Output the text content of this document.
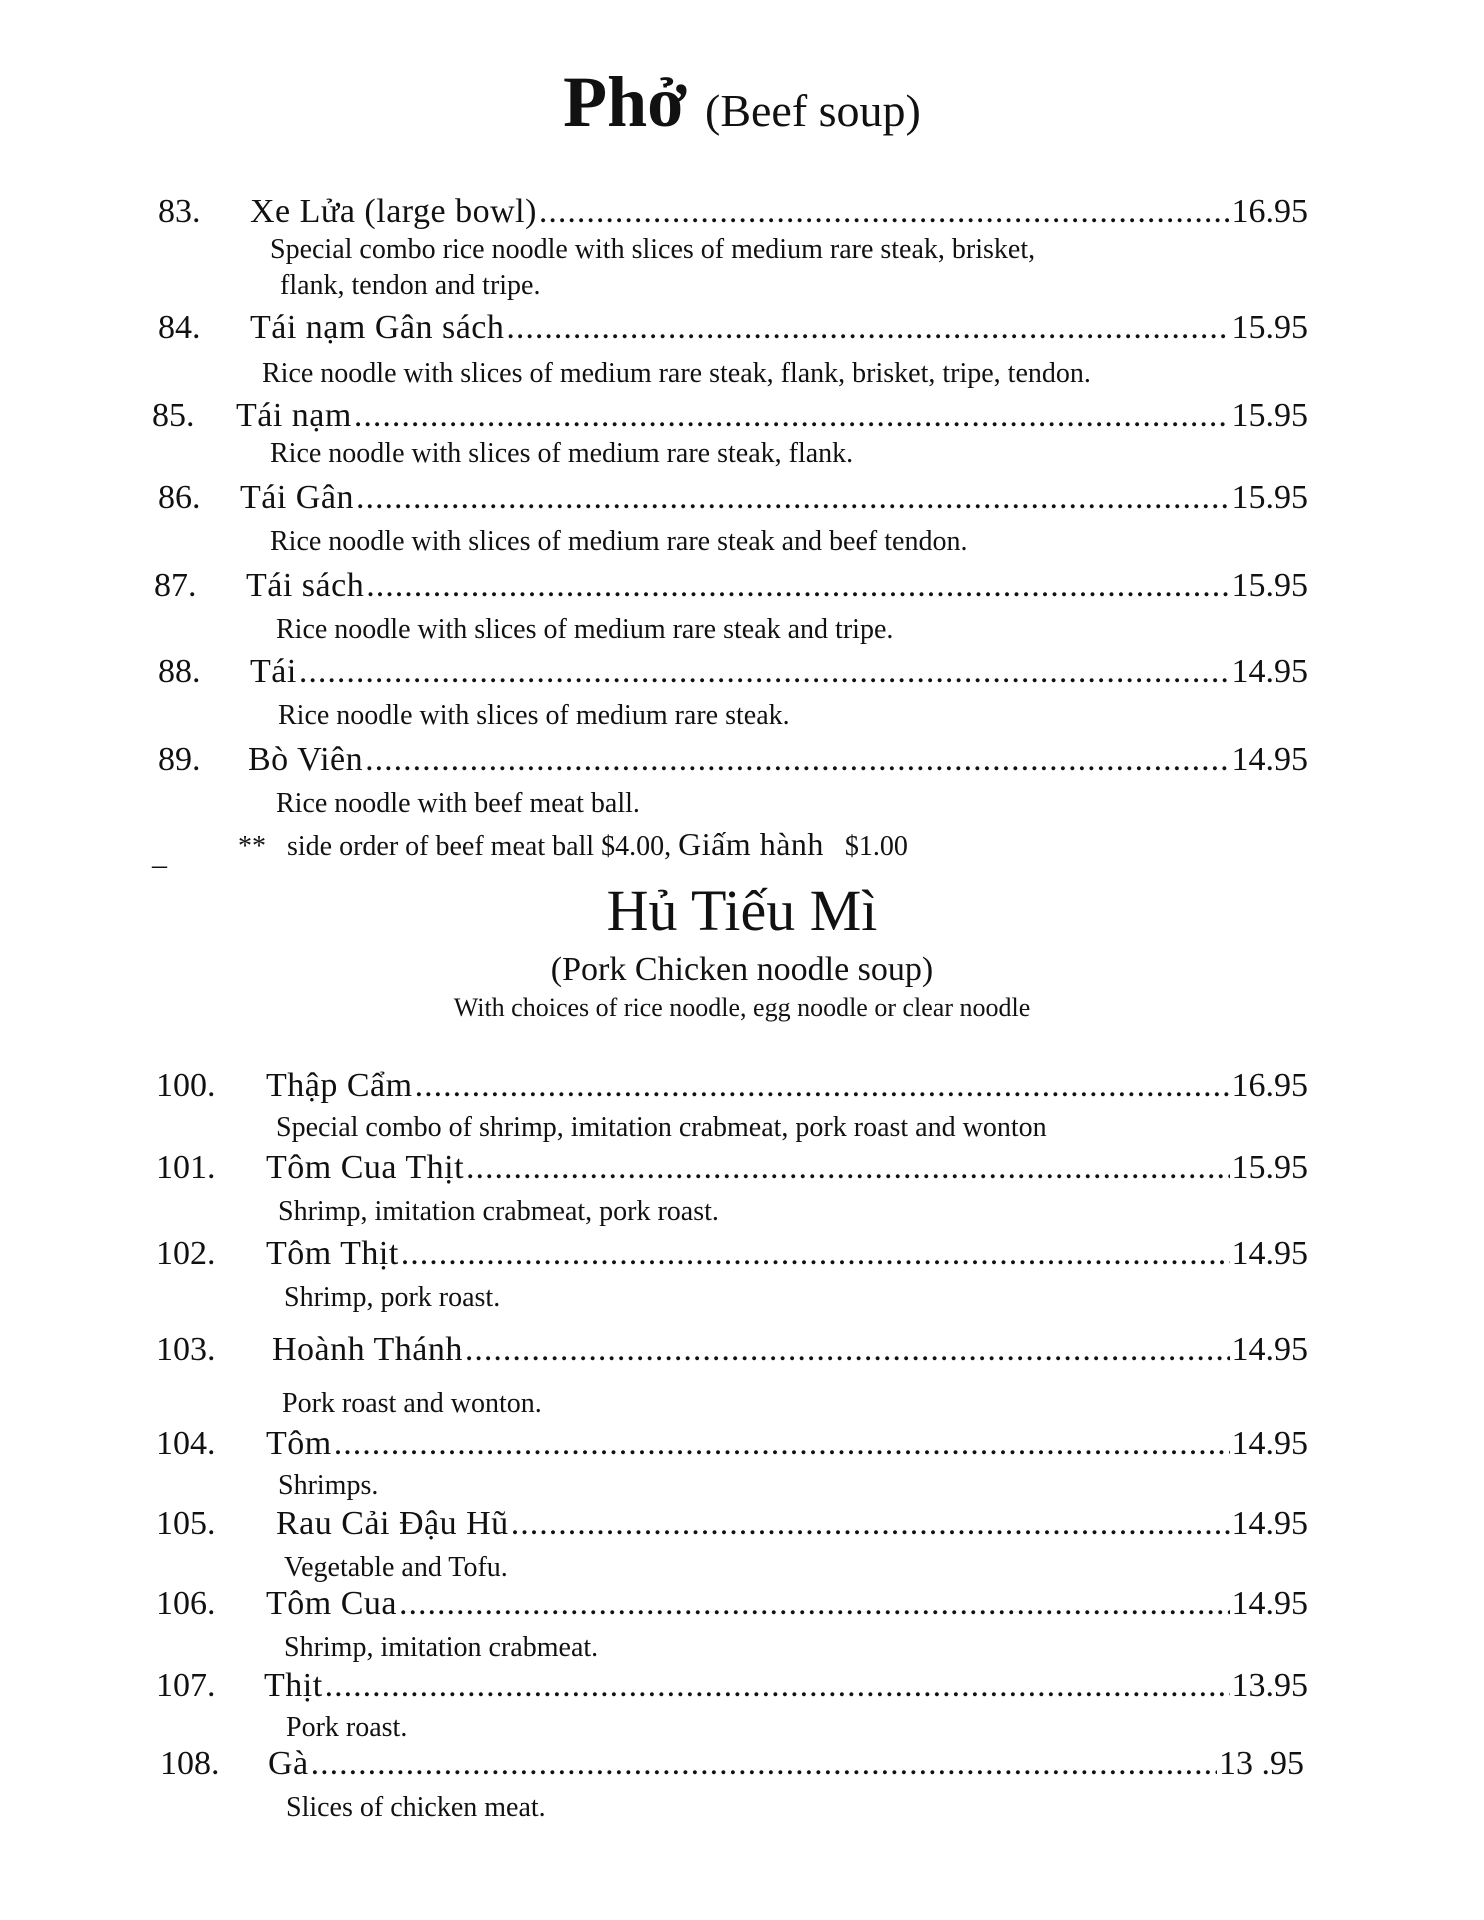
Phở (Beef soup)
83. Xe Lửa (large bowl) .....	16.95
Special combo rice noodle with slices of medium rare steak, brisket,
flank, tendon and tripe.
84. Tái nạm Gân sách .....	15.95
Rice noodle with slices of medium rare steak, flank, brisket, tripe, tendon.
85. Tái nạm .....	15.95
Rice noodle with slices of medium rare steak, flank.
86. Tái Gân .....	15.95
Rice noodle with slices of medium rare steak and beef tendon.
87. Tái sách .....	15.95
Rice noodle with slices of medium rare steak and tripe.
88. Tái .....	14.95
Rice noodle with slices of medium rare steak.
89. Bò Viên .....	14.95
Rice noodle with beef meat ball.
** side order of beef meat ball $4.00, Giấm hành $1.00
_
Hủ Tiếu Mì
(Pork Chicken noodle soup)
With choices of rice noodle, egg noodle or clear noodle
100. Thập Cẩm .....	16.95
Special combo of shrimp, imitation crabmeat, pork roast and wonton
101. Tôm Cua Thịt .....	15.95
Shrimp, imitation crabmeat, pork roast.
102. Tôm Thịt .....	14.95
Shrimp, pork roast.
103. Hoành Thánh .....	14.95
Pork roast and wonton.
104. Tôm .....	14.95
Shrimps.
105. Rau Cải Đậu Hũ .....	14.95
Vegetable and Tofu.
106. Tôm Cua .....	14.95
Shrimp, imitation crabmeat.
107. Thịt .....	13.95
Pork roast.
108. Gà .....	13 .95
Slices of chicken meat.
